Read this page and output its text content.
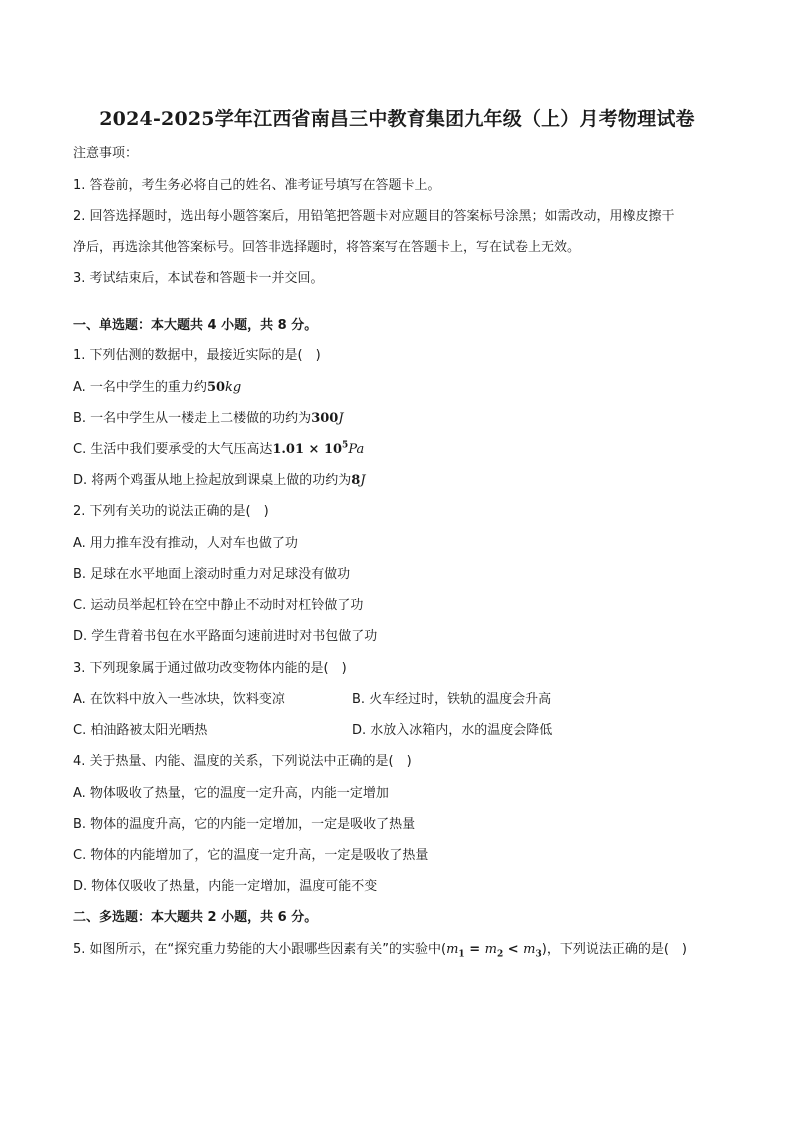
2024-2025学年江西省南昌三中教育集团九年级（上）月考物理试卷
注意事项：
1. 答卷前，考生务必将自己的姓名、准考证号填写在答题卡上。
2. 回答选择题时，选出每小题答案后，用铅笔把答题卡对应题目的答案标号涂黑；如需改动，用橡皮擦干
净后，再选涂其他答案标号。回答非选择题时，将答案写在答题卡上，写在试卷上无效。
3. 考试结束后，本试卷和答题卡一并交回。
一、单选题：本大题共 4 小题，共 8 分。
1. 下列估测的数据中，最接近实际的是(　)
A. 一名中学生的重力约50kg
B. 一名中学生从一楼走上二楼做的功约为300J
C. 生活中我们要承受的大气压高达$1.01 \times 10^5Pa$
D. 将两个鸡蛋从地上捡起放到课桌上做的功约为8J
2. 下列有关功的说法正确的是(　)
A. 用力推车没有推动，人对车也做了功
B. 足球在水平地面上滚动时重力对足球没有做功
C. 运动员举起杠铃在空中静止不动时对杠铃做了功
D. 学生背着书包在水平路面匀速前进时对书包做了功
3. 下列现象属于通过做功改变物体内能的是(　)
A. 在饮料中放入一些冰块，饮料变凉	B. 火车经过时，铁轨的温度会升高
C. 柏油路被太阳光晒热	D. 水放入冰箱内，水的温度会降低
4. 关于热量、内能、温度的关系，下列说法中正确的是(　)
A. 物体吸收了热量，它的温度一定升高，内能一定增加
B. 物体的温度升高，它的内能一定增加，一定是吸收了热量
C. 物体的内能增加了，它的温度一定升高，一定是吸收了热量
D. 物体仅吸收了热量，内能一定增加，温度可能不变
二、多选题：本大题共 2 小题，共 6 分。
5. 如图所示，在“探究重力势能的大小跟哪些因素有关”的实验中$(m_1 = m_2 < m_3)$，下列说法正确的是(　)
